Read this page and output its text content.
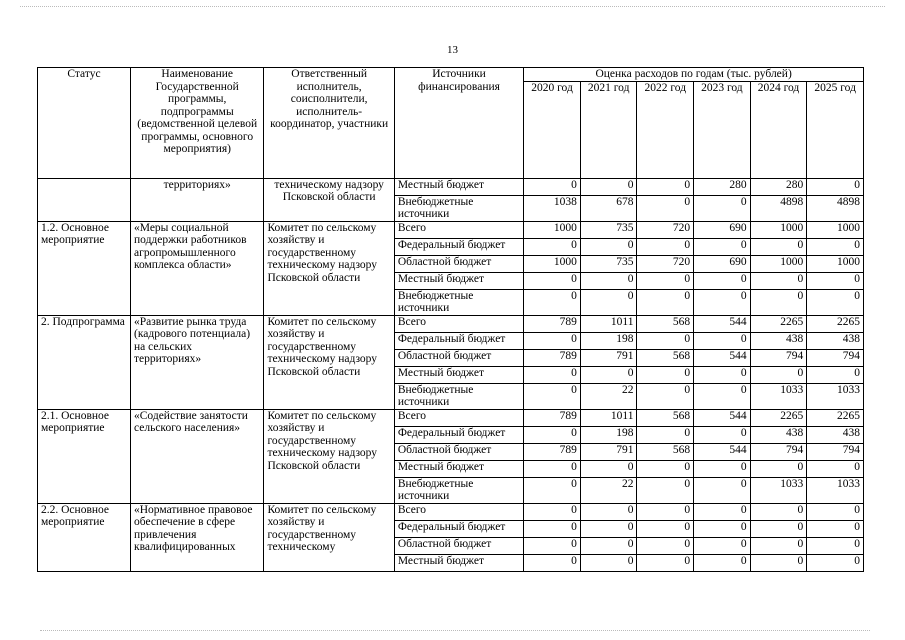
13
Статус	Наименование Государственной программы, подпрограммы (ведомственной целевой программы, основного мероприятия)	Ответственный исполнитель, соисполнители, исполнитель-координатор, участники	Источники финансирования	Оценка расходов по годам (тыс. рублей)					
				2020 год	2021 год	2022 год	2023 год	2024 год	2025 год
	территориях»	техническому надзору Псковской области	Местный бюджет	0	0	0	280	280	0
			Внебюджетные источники	1038	678	0	0	4898	4898
1.2. Основное мероприятие	«Меры социальной поддержки работников агропромышленного комплекса области»	Комитет по сельскому хозяйству и государственному техническому надзору Псковской области	Всего	1000	735	720	690	1000	1000
			Федеральный бюджет	0	0	0	0	0	0
			Областной бюджет	1000	735	720	690	1000	1000
			Местный бюджет	0	0	0	0	0	0
			Внебюджетные источники	0	0	0	0	0	0
2. Подпрограмма	«Развитие рынка труда (кадрового потенциала) на сельских территориях»	Комитет по сельскому хозяйству и государственному техническому надзору Псковской области	Всего	789	1011	568	544	2265	2265
			Федеральный бюджет	0	198	0	0	438	438
			Областной бюджет	789	791	568	544	794	794
			Местный бюджет	0	0	0	0	0	0
			Внебюджетные источники	0	22	0	0	1033	1033
2.1. Основное мероприятие	«Содействие занятости сельского населения»	Комитет по сельскому хозяйству и государственному техническому надзору Псковской области	Всего	789	1011	568	544	2265	2265
			Федеральный бюджет	0	198	0	0	438	438
			Областной бюджет	789	791	568	544	794	794
			Местный бюджет	0	0	0	0	0	0
			Внебюджетные источники	0	22	0	0	1033	1033
2.2. Основное мероприятие	«Нормативное правовое обеспечение в сфере привлечения квалифицированных	Комитет по сельскому хозяйству и государственному техническому	Всего	0	0	0	0	0	0
			Федеральный бюджет	0	0	0	0	0	0
			Областной бюджет	0	0	0	0	0	0
			Местный бюджет	0	0	0	0	0	0
